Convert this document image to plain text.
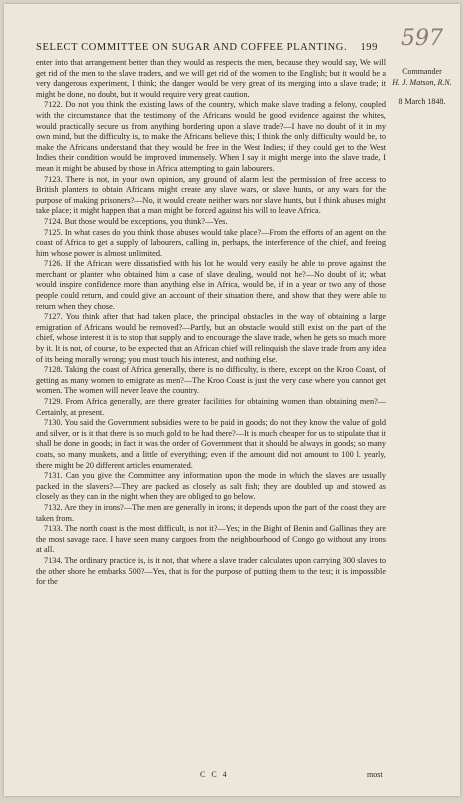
SELECT COMMITTEE ON SUGAR AND COFFEE PLANTING. 199 597
Commander
H. J. Matson, R.N.
8 March 1848.

enter into that arrangement better than they would as respects the men, because they would say, We will get rid of the men to the slave traders, and we will get rid of the women to the English; but it would be a very dangerous experiment, I think; the danger would be very great of its merging into a slave trade; it might be done, no doubt, but it would require very great caution.

7122. Do not you think the existing laws of the country, which make slave trading a felony, coupled with the circumstance that the testimony of the Africans would be good evidence against the whites, would practically secure us from anything bordering upon a slave trade?—I have no doubt of it in my own mind, but the difficulty is, to make the Africans believe this; I think the only difficulty would be, to make the Africans understand that they would be free in the West Indies; if they could get to the West Indies their condition would be improved immensely. When I say it might merge into the slave trade, I mean it might be abused by those in Africa attempting to gain labourers.

7123. There is not, in your own opinion, any ground of alarm lest the permission of free access to British planters to obtain Africans might create any slave wars, or slave hunts, or any wars for the purpose of making prisoners?—No, it would create neither wars nor slave hunts, but I think abuses might take place; it might happen that a man might be forced against his will to leave Africa.

7124. But those would be exceptions, you think?—Yes.

7125. In what cases do you think those abuses would take place?—From the efforts of an agent on the coast of Africa to get a supply of labourers, calling in, perhaps, the interference of the chief, and feeing him whose power is almost unlimited.

7126. If the African were dissatisfied with his lot he would very easily be able to prove against the merchant or planter who obtained him a case of slave dealing, would not he?—No doubt of it; what would inspire confidence more than anything else in Africa, would be, if in a year or two any of those people could return, and could give an account of their situation there, and show that they were able to return when they chose.

7127. You think after that had taken place, the principal obstacles in the way of obtaining a large emigration of Africans would be removed?—Partly, but an obstacle would still exist on the part of the chief, whose interest it is to stop that supply and to encourage the slave trade, when he gets so much more by it. It is not, of course, to be expected that an African chief will relinquish the slave trade from any idea of its being morally wrong; you must touch his interest, and nothing else.

7128. Taking the coast of Africa generally, there is no difficulty, is there, except on the Kroo Coast, of getting as many women to emigrate as men?—The Kroo Coast is just the very case where you cannot get women. The women will never leave the country.

7129. From Africa generally, are there greater facilities for obtaining women than obtaining men?—Certainly, at present.

7130. You said the Government subsidies were to be paid in goods; do not they know the value of gold and silver, or is it that there is so much gold to be had there?—It is much cheaper for us to stipulate that it shall be done in goods; in fact it was the order of Government that it should be always in goods; so many coats, so many muskets, and a little of everything; even if the amount did not amount to 100 l. yearly, there might be 20 different articles enumerated.

7131. Can you give the Committee any information upon the mode in which the slaves are usually packed in the slavers?—They are packed as closely as salt fish; they are doubled up and stowed as closely as they can in the night when they are obliged to go below.

7132. Are they in irons?—The men are generally in irons; it depends upon the part of the coast they are taken from.

7133. The north coast is the most difficult, is not it?—Yes; in the Bight of Benin and Gallinas they are the most savage race. I have seen many cargoes from the neighbourhood of Congo go without any irons at all.

7134. The ordinary practice is, is it not, that where a slave trader calculates upon carrying 300 slaves to the other shore he embarks 500?—Yes, that is for the purpose of putting them to the test; it is impossible for the

C C 4	most
